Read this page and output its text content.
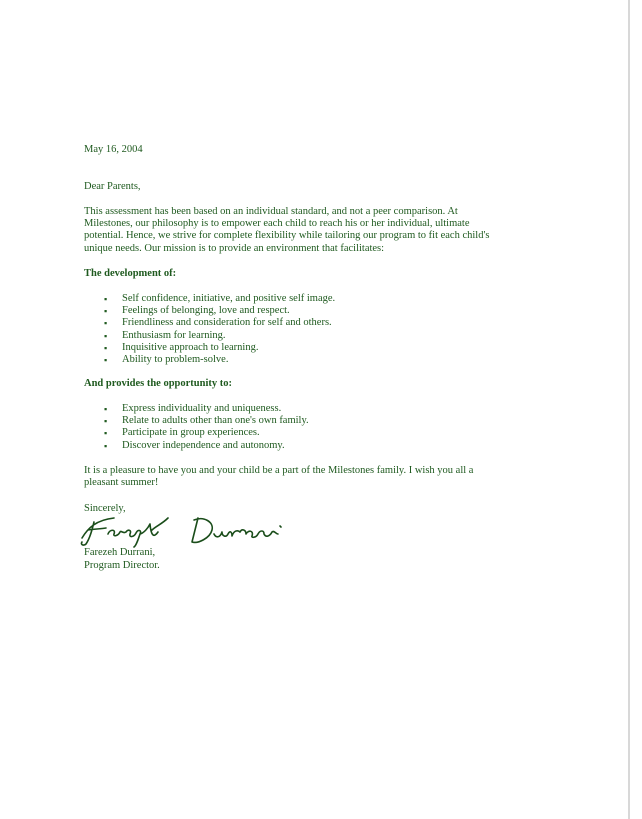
May 16, 2004
Dear Parents,
This assessment has been based on an individual standard, and not a peer comparison. At
Milestones, our philosophy is to empower each child to reach his or her individual, ultimate
potential. Hence, we strive for complete flexibility while tailoring our program to fit each child's
unique needs. Our mission is to provide an environment that facilitates:
The development of:
▪ Self confidence, initiative, and positive self image.
▪ Feelings of belonging, love and respect.
▪ Friendliness and consideration for self and others.
▪ Enthusiasm for learning.
▪ Inquisitive approach to learning.
▪ Ability to problem-solve.
And provides the opportunity to:
▪ Express individuality and uniqueness.
▪ Relate to adults other than one's own family.
▪ Participate in group experiences.
▪ Discover independence and autonomy.
It is a pleasure to have you and your child be a part of the Milestones family. I wish you all a
pleasant summer!
Sincerely,
Farezeh Durrani,
Program Director.
